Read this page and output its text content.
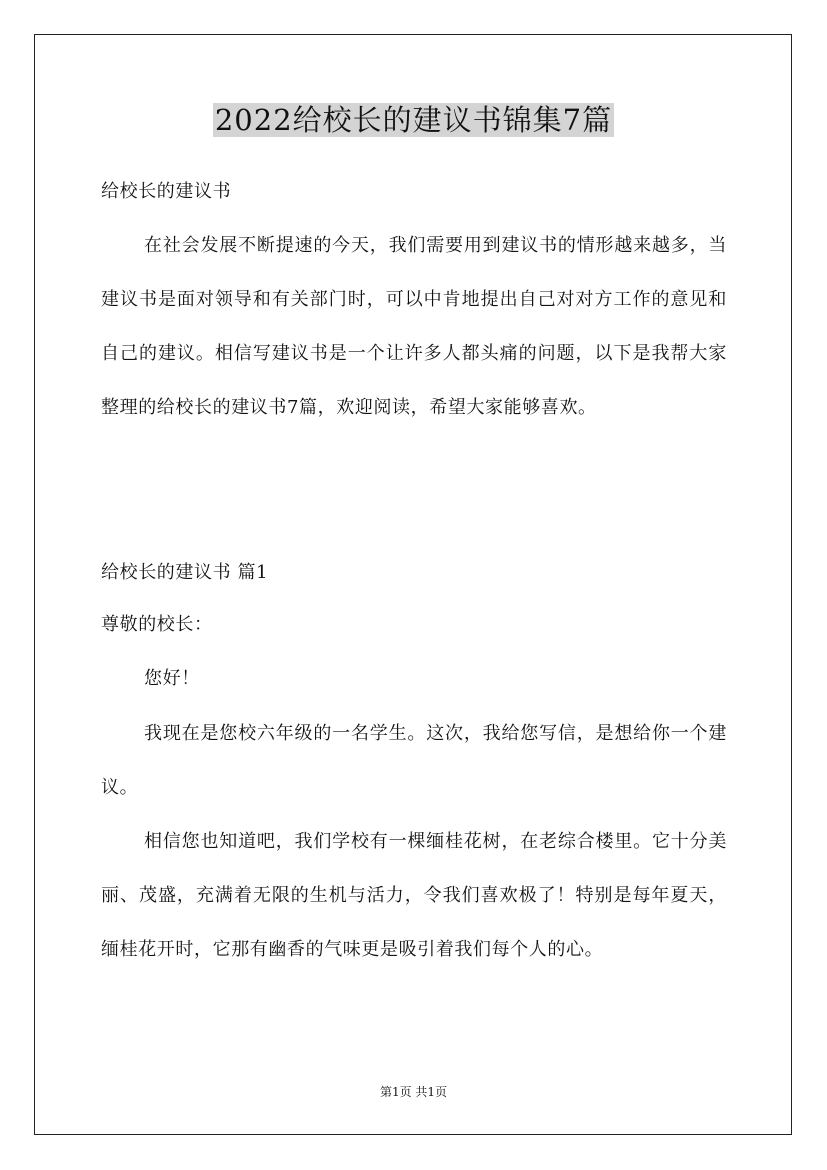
2022给校长的建议书锦集7篇

给校长的建议书

在社会发展不断提速的今天，我们需要用到建议书的情形越来越多，当建议书是面对领导和有关部门时，可以中肯地提出自己对对方工作的意见和自己的建议。相信写建议书是一个让许多人都头痛的问题，以下是我帮大家整理的给校长的建议书7篇，欢迎阅读，希望大家能够喜欢。

给校长的建议书 篇1

尊敬的校长：

您好！

我现在是您校六年级的一名学生。这次，我给您写信，是想给你一个建议。

相信您也知道吧，我们学校有一棵缅桂花树，在老综合楼里。它十分美丽、茂盛，充满着无限的生机与活力，令我们喜欢极了！特别是每年夏天，缅桂花开时，它那有幽香的气味更是吸引着我们每个人的心。

第1页 共1页
